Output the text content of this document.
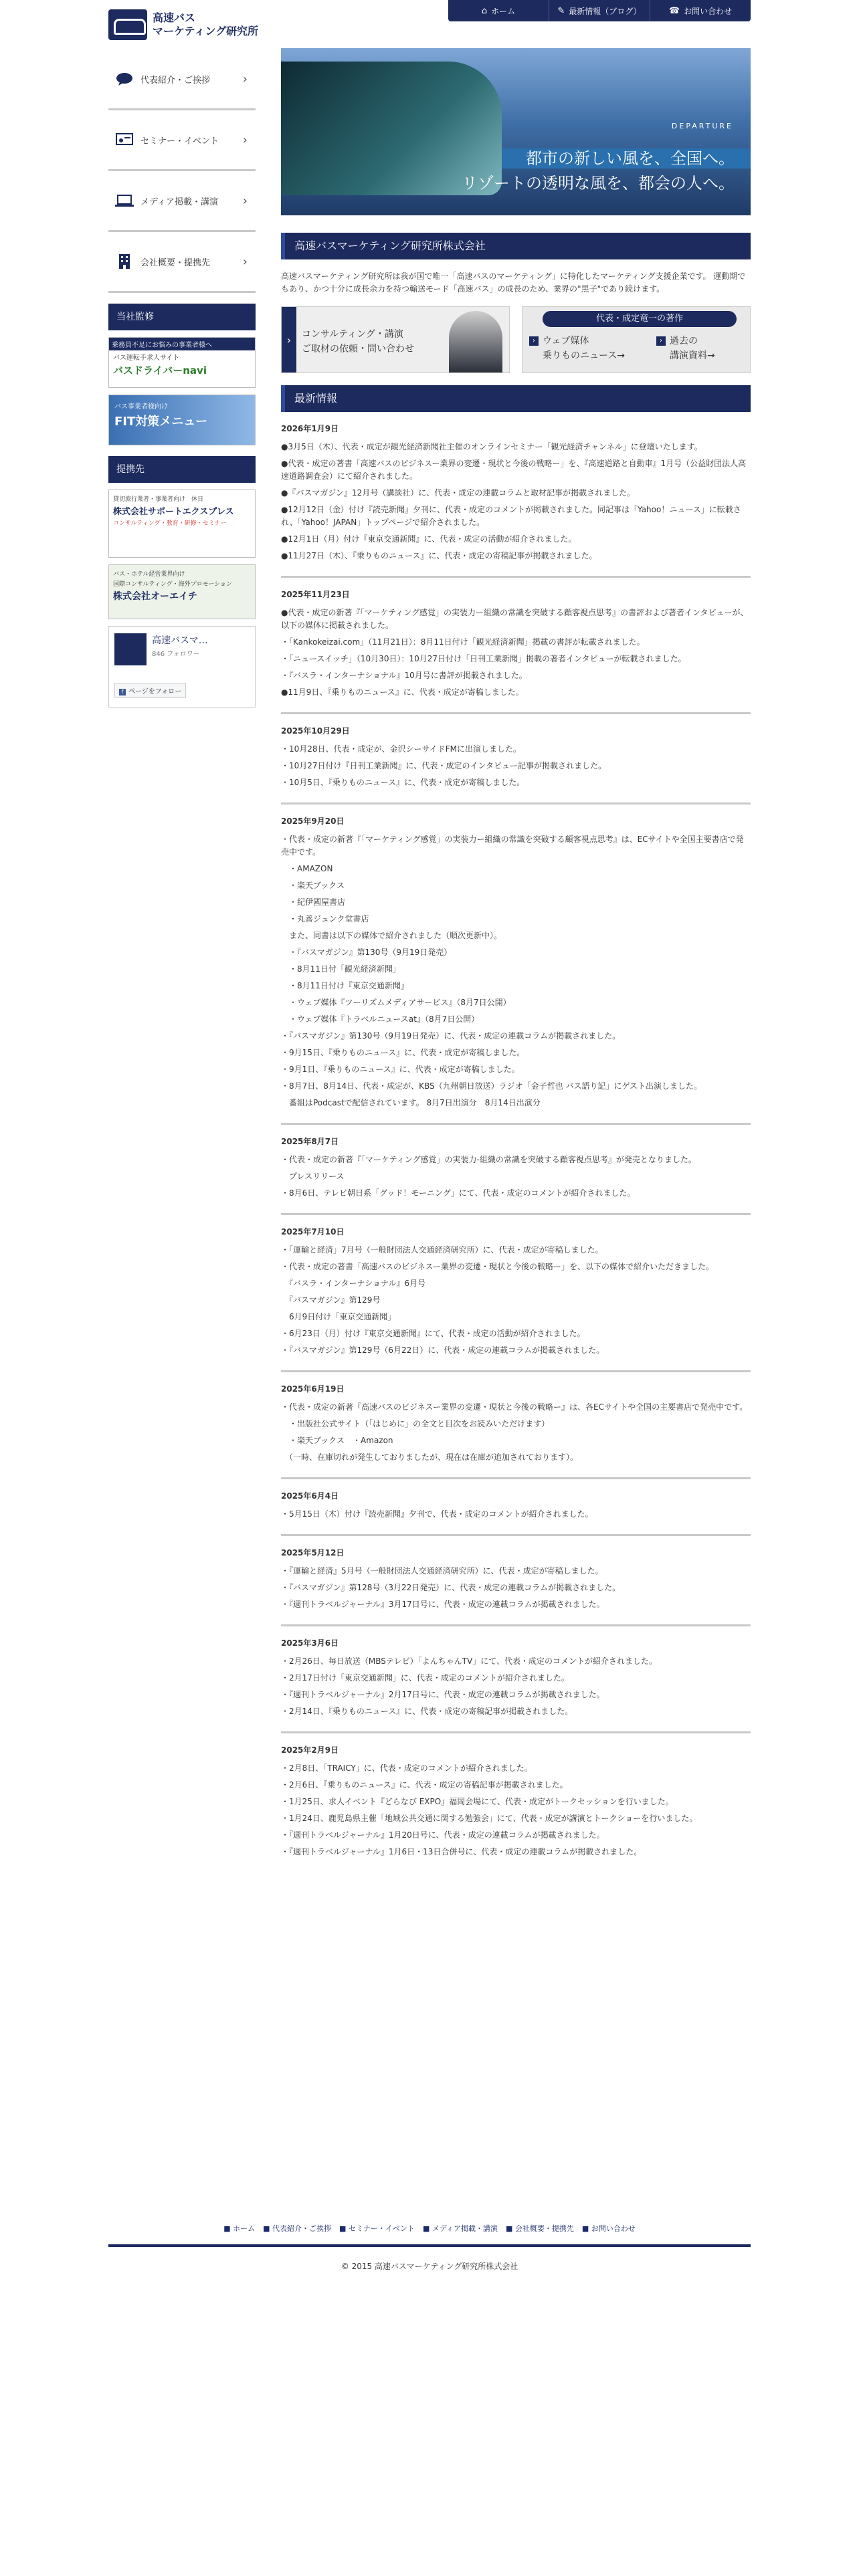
高速バス
マーケティング研究所
⌂ ホーム	✎ 最新情報（ブログ）	☎ お問い合わせ
代表紹介・ご挨拶	›
セミナー・イベント ›
メディア掲載・講演 ›
会社概要・提携先	›
当社監修
乗務員不足にお悩みの事業者様へ
バス運転手求人サイト
バスドライバーnavi
バス事業者様向け
FIT対策メニュー
提携先
貸切旅行業者・事業者向け　休日
株式会社サポートエクスプレス
コンサルティング・教育・研修・セミナー
バス・ホテル経営業界向け
国際コンサルティング・海外プロモーション
株式会社オーエイチ
高速バスマ…
846 フォロワー
f ページをフォロー
DEPARTURE
都市の新しい風を、全国へ。
リゾートの透明な風を、都会の人へ。
高速バスマーケティング研究所株式会社
高速バスマーケティング研究所は我が国で唯一「高速バスのマーケティング」に特化したマーケティング支援企業です。 運動期でもあり、かつ十分に成長余力を持つ輸送モード「高速バス」の成長のため、業界の"黒子"であり続けます。
›	コンサルティング・講演
ご取材の依頼・問い合わせ
代表・成定竜一の著作
› ウェブ媒体
乗りものニュース→
› 過去の
講演資料→
最新情報
2026年1月9日
●3月5日（木）、代表・成定が観光経済新聞社主催のオンラインセミナー「観光経済チャンネル」に登壇いたします。
●代表・成定の著書「高速バスのビジネスー業界の変遷・現状と今後の戦略ー」を、『高速道路と自動車』1月号（公益財団法人高速道路調査会）にて紹介されました。
●『バスマガジン』12月号（講談社）に、代表・成定の連載コラムと取材記事が掲載されました。
●12月12日（金）付け『読売新聞』夕刊に、代表・成定のコメントが掲載されました。同記事は「Yahoo！ニュース」に転載され、「Yahoo！JAPAN」トップページで紹介されました。
●12月1日（月）付け『東京交通新聞』に、代表・成定の活動が紹介されました。
●11月27日（木）、『乗りものニュース』に、代表・成定の寄稿記事が掲載されました。
2025年11月23日
●代表・成定の新著『「マーケティング感覚」の実装力ー組織の常識を突破する顧客視点思考』の書評および著者インタビューが、以下の媒体に掲載されました。
・「Kankokeizai.com」（11月21日）：8月11日付け「観光経済新聞」掲載の書評が転載されました。
・「ニュースイッチ」（10月30日）：10月27日付け「日刊工業新聞」掲載の著者インタビューが転載されました。
・『バスラ・インターナショナル』10月号に書評が掲載されました。
●11月9日、『乗りものニュース』に、代表・成定が寄稿しました。
2025年10月29日
・10月28日、代表・成定が、金沢シーサイドFMに出演しました。
・10月27日付け『日刊工業新聞』に、代表・成定のインタビュー記事が掲載されました。
・10月5日、『乗りものニュース』に、代表・成定が寄稿しました。
2025年9月20日
・代表・成定の新著『「マーケティング感覚」の実装力ー組織の常識を突破する顧客視点思考』は、ECサイトや全国主要書店で発売中です。
　・AMAZON
　・楽天ブックス
　・紀伊國屋書店
　・丸善ジュンク堂書店
　また、同書は以下の媒体で紹介されました（順次更新中）。
　・『バスマガジン』第130号（9月19日発売）
　・8月11日付「観光経済新聞」
　・8月11日付け『東京交通新聞』
　・ウェブ媒体『ツーリズムメディアサービス』（8月7日公開）
　・ウェブ媒体『トラベルニュースat』（8月7日公開）
・『バスマガジン』第130号（9月19日発売）に、代表・成定の連載コラムが掲載されました。
・9月15日、『乗りものニュース』に、代表・成定が寄稿しました。
・9月1日、『乗りものニュース』に、代表・成定が寄稿しました。
・8月7日、8月14日、代表・成定が、KBS（九州朝日放送）ラジオ「金子哲也 バス語り記」にゲスト出演しました。
　番組はPodcastで配信されています。 8月7日出演分　8月14日出演分
2025年8月7日
・代表・成定の新著『「マーケティング感覚」の実装力-組織の常識を突破する顧客視点思考』が発売となりました。
　プレスリリース
・8月6日、テレビ朝日系「グッド！モーニング」にて、代表・成定のコメントが紹介されました。
2025年7月10日
・「運輸と経済」7月号（一般財団法人交通経済研究所）に、代表・成定が寄稿しました。
・代表・成定の著書「高速バスのビジネスー業界の変遷・現状と今後の戦略ー」を、以下の媒体で紹介いただきました。
　『バスラ・インターナショナル』6月号
　『バスマガジン』第129号
　6月9日付け「東京交通新聞」
・6月23日（月）付け『東京交通新聞』にて、代表・成定の活動が紹介されました。
・『バスマガジン』第129号（6月22日）に、代表・成定の連載コラムが掲載されました。
2025年6月19日
・代表・成定の新著『高速バスのビジネスー業界の変遷・現状と今後の戦略ー』は、各ECサイトや全国の主要書店で発売中です。
　・出版社公式サイト（「はじめに」の全文と目次をお読みいただけます）
　・楽天ブックス　・Amazon
　（一時、在庫切れが発生しておりましたが、現在は在庫が追加されております）。
2025年6月4日
・5月15日（木）付け『読売新聞』夕刊で、代表・成定のコメントが紹介されました。
2025年5月12日
・『運輸と経済』5月号（一般財団法人交通経済研究所）に、代表・成定が寄稿しました。
・『バスマガジン』第128号（3月22日発売）に、代表・成定の連載コラムが掲載されました。
・『週刊トラベルジャーナル』3月17日号に、代表・成定の連載コラムが掲載されました。
2025年3月6日
・2月26日、毎日放送（MBSテレビ）「よんちゃんTV」にて、代表・成定のコメントが紹介されました。
・2月17日付け「東京交通新聞」に、代表・成定のコメントが紹介されました。
・『週刊トラベルジャーナル』2月17日号に、代表・成定の連載コラムが掲載されました。
・2月14日、『乗りものニュース』に、代表・成定の寄稿記事が掲載されました。
2025年2月9日
・2月8日、「TRAICY」に、代表・成定のコメントが紹介されました。
・2月6日、『乗りものニュース』に、代表・成定の寄稿記事が掲載されました。
・1月25日、求人イベント『どらなび EXPO』福岡会場にて、代表・成定がトークセッションを行いました。
・1月24日、鹿児島県主催「地域公共交通に関する勉強会」にて、代表・成定が講演とトークショーを行いました。
・『週刊トラベルジャーナル』1月20日号に、代表・成定の連載コラムが掲載されました。
・『週刊トラベルジャーナル』1月6日・13日合併号に、代表・成定の連載コラムが掲載されました。
■ ホーム ■ 代表紹介・ご挨拶 ■ セミナー・イベント ■ メディア掲載・講演 ■ 会社概要・提携先 ■ お問い合わせ
© 2015 高速バスマーケティング研究所株式会社
